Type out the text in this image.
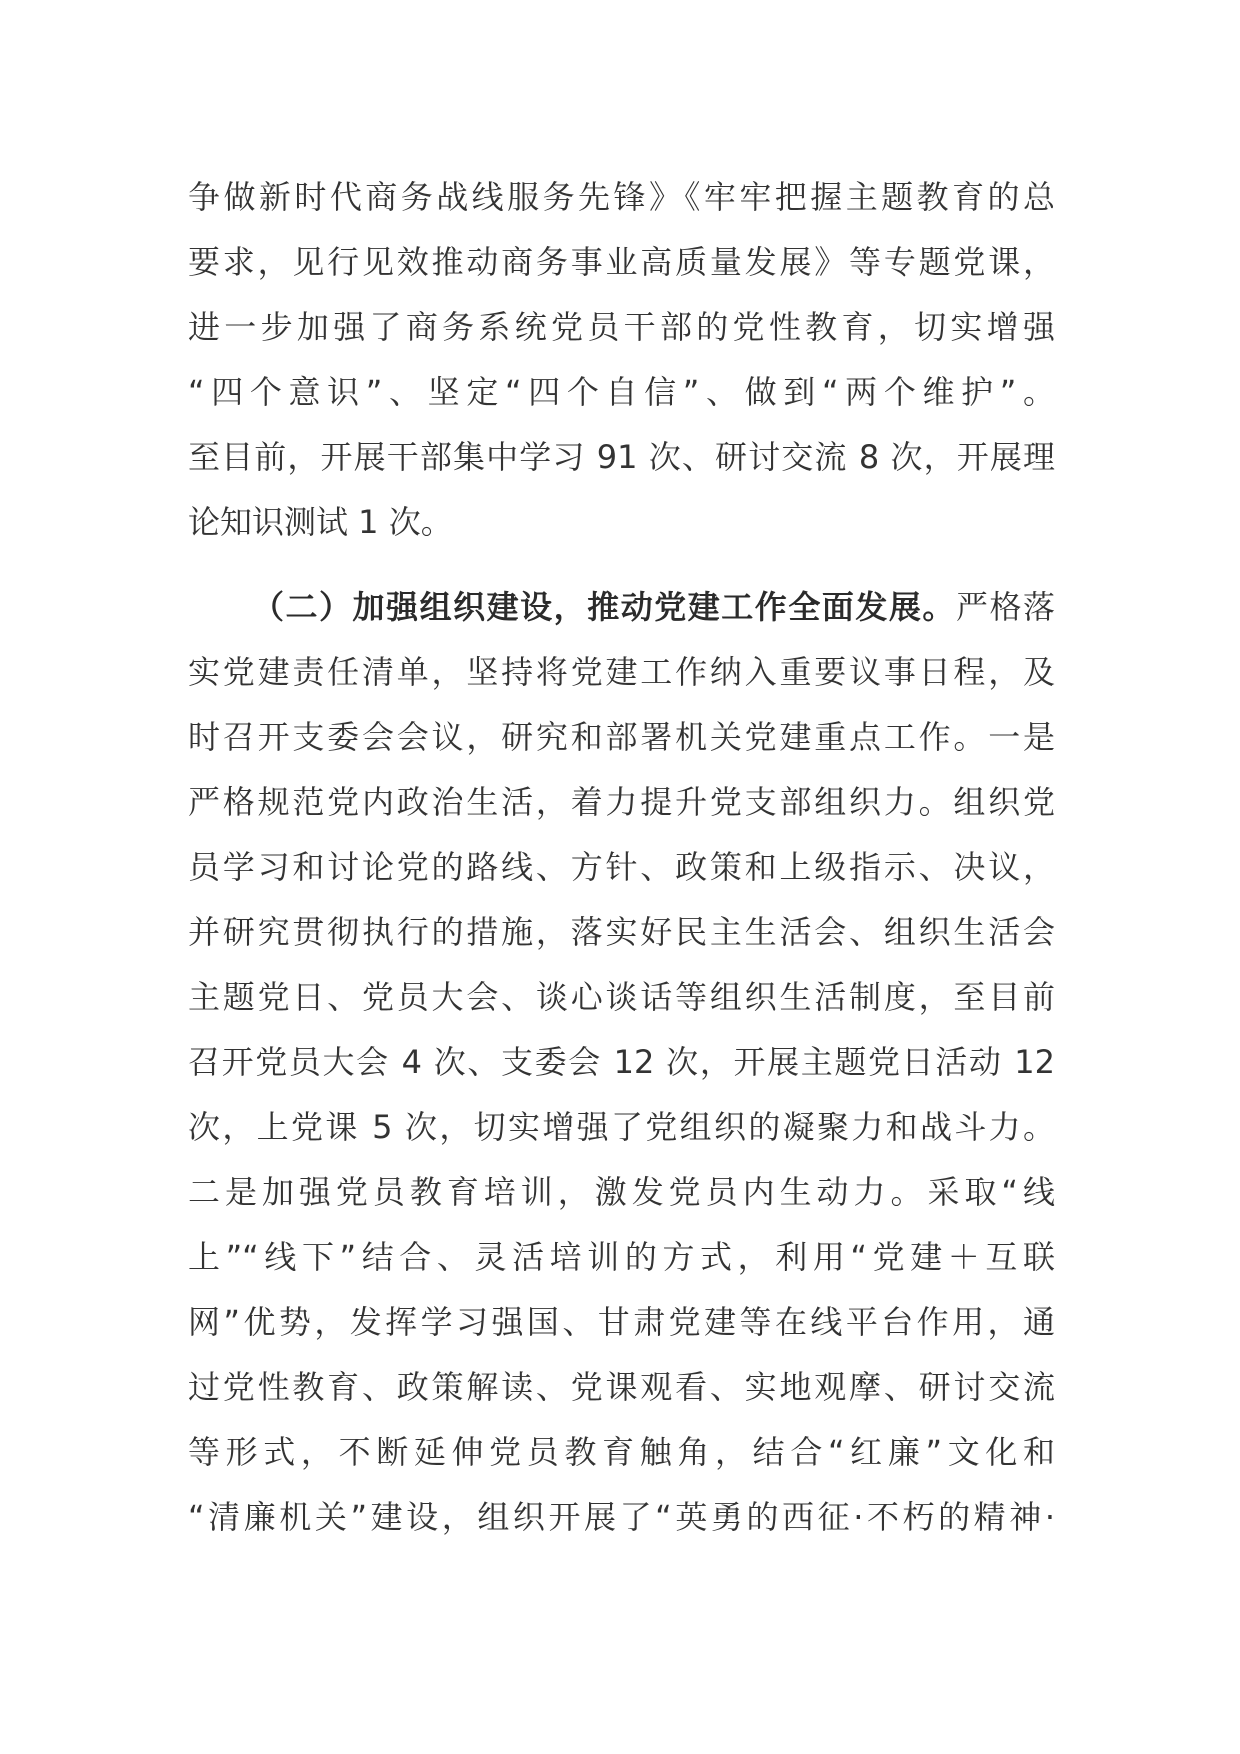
争做新时代商务战线服务先锋》《牢牢把握主题教育的总
要求，见行见效推动商务事业高质量发展》等专题党课，
进一步加强了商务系统党员干部的党性教育，切实增强
“四个意识”、坚定“四个自信”、做到“两个维护”。
至目前，开展干部集中学习 91 次、研讨交流 8 次，开展理
论知识测试 1 次。
（二）加强组织建设，推动党建工作全面发展。严格落
实党建责任清单，坚持将党建工作纳入重要议事日程，及
时召开支委会会议，研究和部署机关党建重点工作。一是
严格规范党内政治生活，着力提升党支部组织力。组织党
员学习和讨论党的路线、方针、政策和上级指示、决议，
并研究贯彻执行的措施，落实好民主生活会、组织生活会
主题党日、党员大会、谈心谈话等组织生活制度，至目前
召开党员大会 4 次、支委会 12 次，开展主题党日活动 12
次，上党课 5 次，切实增强了党组织的凝聚力和战斗力。
二是加强党员教育培训，激发党员内生动力。采取“线
上”“线下”结合、灵活培训的方式，利用“党建＋互联
网”优势，发挥学习强国、甘肃党建等在线平台作用，通
过党性教育、政策解读、党课观看、实地观摩、研讨交流
等形式，不断延伸党员教育触角，结合“红廉”文化和
“清廉机关”建设，组织开展了“英勇的西征·不朽的精神·
